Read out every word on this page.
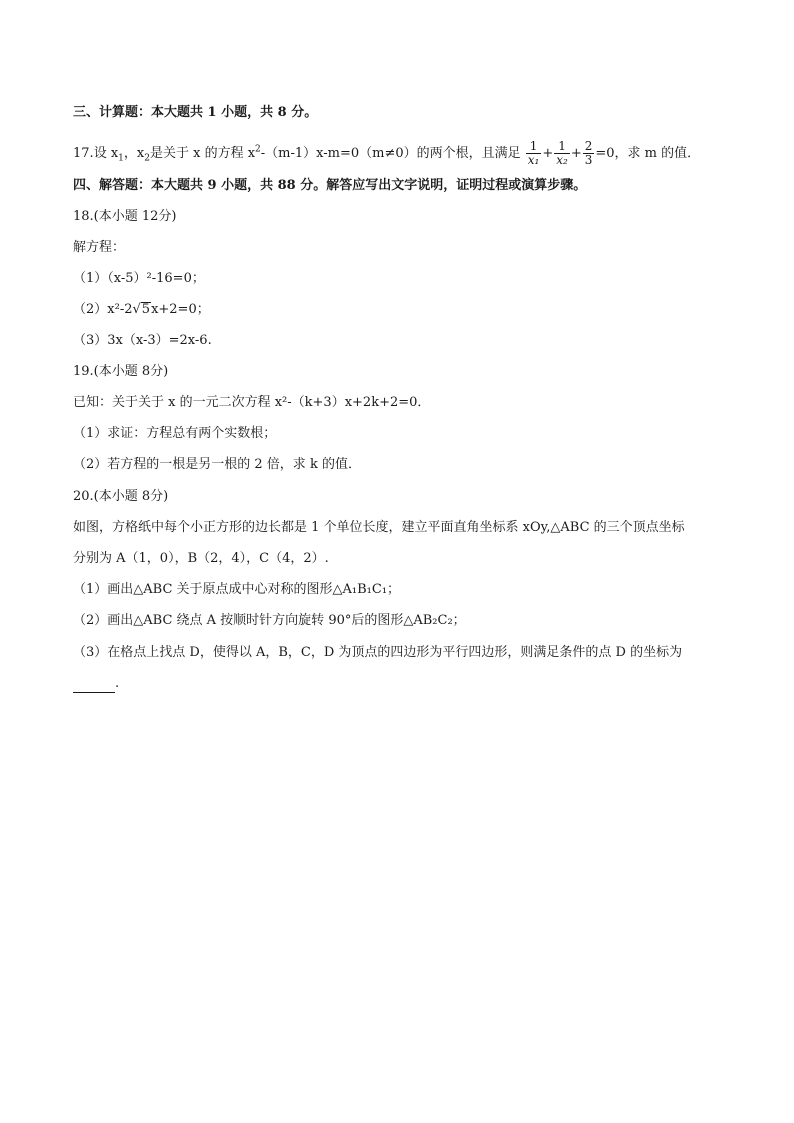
三、计算题：本大题共 1 小题，共 8 分。
17.设 $x_1$，$x_2$是关于 x 的方程 $x^2-(m-1)x-m=0(m\ne 0)$的两个根，且满足 $\frac{1}{\text{x₁}} + \frac{1}{\text{x₂}} + \frac{2}{3} =0$，求 m 的值．
四、解答题：本大题共 9 小题，共 88 分。解答应写出文字说明，证明过程或演算步骤。
18.(本小题 12分)
解方程：
（1）（x-5）²-16=0；
（2）x²-2√5x+2=0；
（3）3x（x-3）=2x-6.
19.(本小题 8分)
已知：关于关于 x 的一元二次方程 x²-（k+3）x+2k+2=0．
（1）求证：方程总有两个实数根；
（2）若方程的一根是另一根的 2 倍，求 k 的值．
20.(本小题 8分)
如图，方格纸中每个小正方形的边长都是 1 个单位长度，建立平面直角坐标系 xOy,△ABC 的三个顶点坐标
分别为 A（1，0），B（2，4），C（4，2）.
（1）画出△ABC 关于原点成中心对称的图形△A₁B₁C₁；
（2）画出△ABC 绕点 A 按顺时针方向旋转 90°后的图形△AB₂C₂；
（3）在格点上找点 D，使得以 A，B，C，D 为顶点的四边形为平行四边形，则满足条件的点 D 的坐标为
.
